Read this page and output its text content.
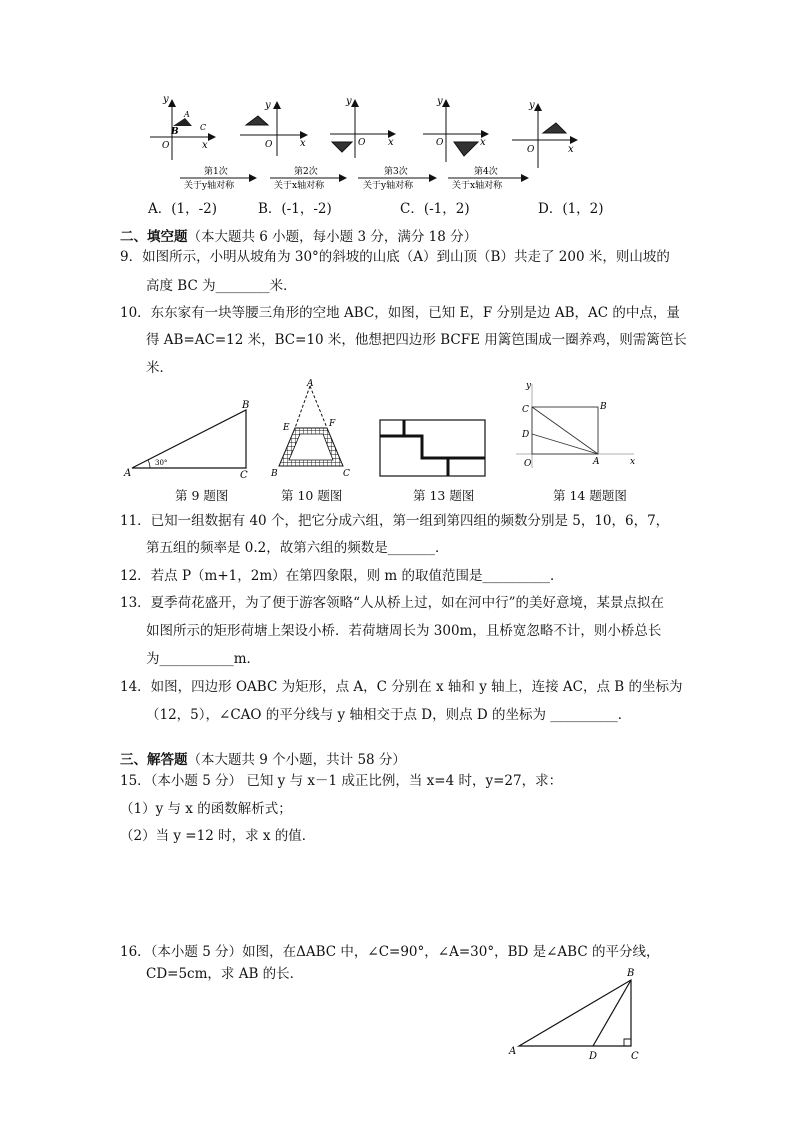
y
x
O
A
B	C
y
x
O
y
x
O
y
x
O
y
x
O
第1次
关于y轴对称
第2次
关于x轴对称
第3次
关于y轴对称
第4次
关于x轴对称
A．(1，-2)	B．(-1，-2)	C．(-1，2)	D．(1，2)
二、填空题（本大题共 6 小题，每小题 3 分，满分 18 分）
9．如图所示，小明从坡角为 30°的斜坡的山底（A）到山顶（B）共走了 200 米，则山坡的
高度 BC 为________米．
10．东东家有一块等腰三角形的空地 ABC，如图，已知 E，F 分别是边 AB，AC 的中点，量
得 AB=AC=12 米，BC=10 米，他想把四边形 BCFE 用篱笆围成一圈养鸡，则需篱笆长
米．
A
B
C
30°
第 9 题图
A
B	C
E	F
第 10 题图	第 13 题图
y
x
O	A
B
C
D
第 14 题题图
11．已知一组数据有 40 个，把它分成六组，第一组到第四组的频数分别是 5，10，6，7，
第五组的频率是 0.2，故第六组的频数是_______．
12．若点 P（m+1，2m）在第四象限，则 m 的取值范围是__________．
13．夏季荷花盛开，为了便于游客领略“人从桥上过，如在河中行”的美好意境，某景点拟在
如图所示的矩形荷塘上架设小桥．若荷塘周长为 300m，且桥宽忽略不计，则小桥总长
为___________m．
14．如图，四边形 OABC 为矩形，点 A，C 分别在 x 轴和 y 轴上，连接 AC，点 B 的坐标为
（12，5），∠CAO 的平分线与 y 轴相交于点 D，则点 D 的坐标为 __________．
三、解答题（本大题共 9 个小题，共计 58 分）
15．（本小题 5 分） 已知 y 与 x－1 成正比例，当 x=4 时，y=27，求：
（1）y 与 x 的函数解析式；
（2）当 y =12 时，求 x 的值．
16．（本小题 5 分）如图，在ΔABC 中，∠C=90°，∠A=30°，BD 是∠ABC 的平分线，
CD=5cm，求 AB 的长．
A
B
C
D
